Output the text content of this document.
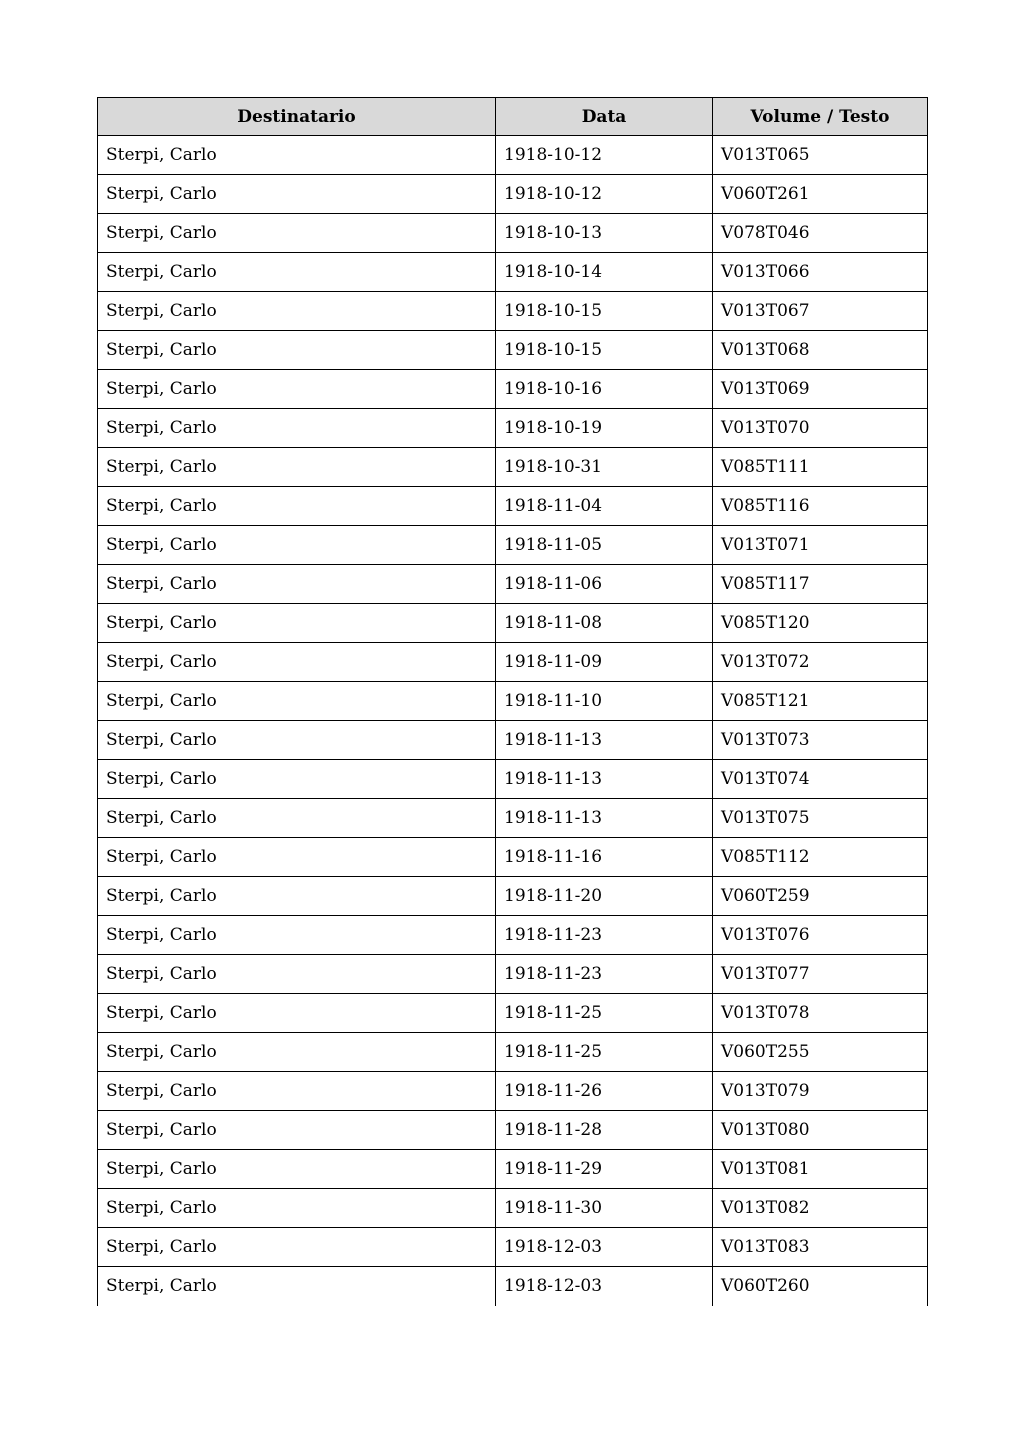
Destinatario	Data	Volume / Testo
Sterpi, Carlo	1918-10-12	V013T065
Sterpi, Carlo	1918-10-12	V060T261
Sterpi, Carlo	1918-10-13	V078T046
Sterpi, Carlo	1918-10-14	V013T066
Sterpi, Carlo	1918-10-15	V013T067
Sterpi, Carlo	1918-10-15	V013T068
Sterpi, Carlo	1918-10-16	V013T069
Sterpi, Carlo	1918-10-19	V013T070
Sterpi, Carlo	1918-10-31	V085T111
Sterpi, Carlo	1918-11-04	V085T116
Sterpi, Carlo	1918-11-05	V013T071
Sterpi, Carlo	1918-11-06	V085T117
Sterpi, Carlo	1918-11-08	V085T120
Sterpi, Carlo	1918-11-09	V013T072
Sterpi, Carlo	1918-11-10	V085T121
Sterpi, Carlo	1918-11-13	V013T073
Sterpi, Carlo	1918-11-13	V013T074
Sterpi, Carlo	1918-11-13	V013T075
Sterpi, Carlo	1918-11-16	V085T112
Sterpi, Carlo	1918-11-20	V060T259
Sterpi, Carlo	1918-11-23	V013T076
Sterpi, Carlo	1918-11-23	V013T077
Sterpi, Carlo	1918-11-25	V013T078
Sterpi, Carlo	1918-11-25	V060T255
Sterpi, Carlo	1918-11-26	V013T079
Sterpi, Carlo	1918-11-28	V013T080
Sterpi, Carlo	1918-11-29	V013T081
Sterpi, Carlo	1918-11-30	V013T082
Sterpi, Carlo	1918-12-03	V013T083
Sterpi, Carlo	1918-12-03	V060T260
